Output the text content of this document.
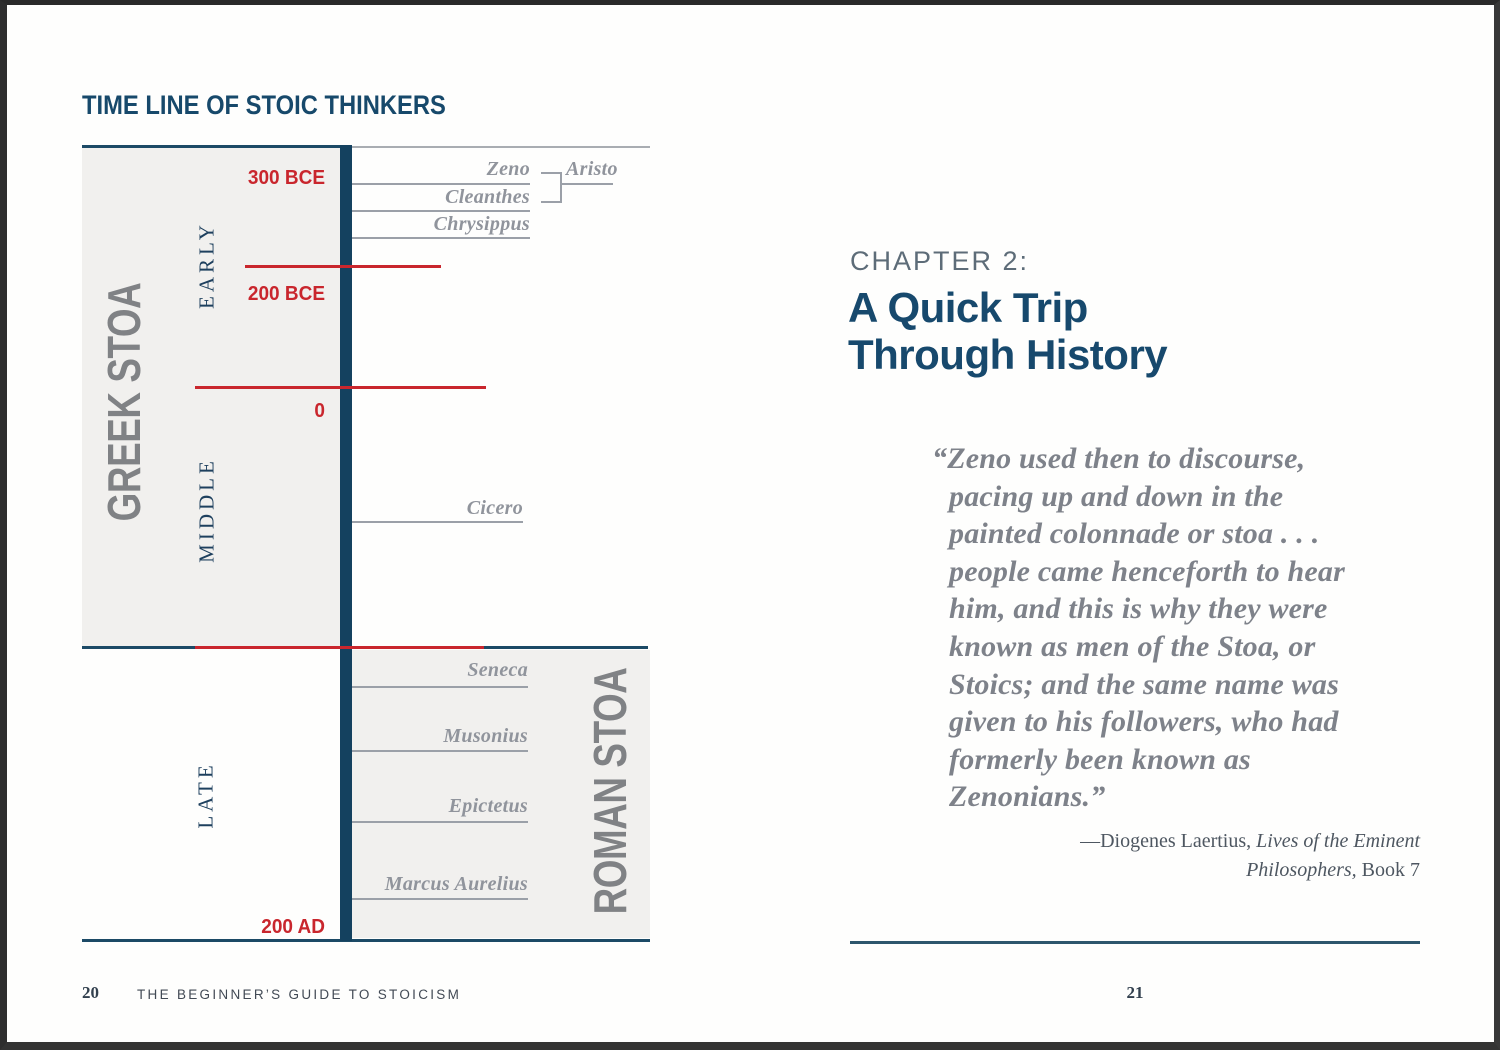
TIME LINE OF STOIC THINKERS
300 BCE
200 BCE
0
200 AD
EARLY
MIDDLE
LATE
GREEK STOA
ROMAN STOA
Zeno Aristo
Cleanthes
Chrysippus
Cicero
Seneca
Musonius
Epictetus
Marcus Aurelius
20	THE BEGINNER’S GUIDE TO STOICISM
CHAPTER 2:
A Quick Trip
Through History
“Zeno used then to discourse,
pacing up and down in the
painted colonnade or stoa . . .
people came henceforth to hear
him, and this is why they were
known as men of the Stoa, or
Stoics; and the same name was
given to his followers, who had
formerly been known as
Zenonians.”
—Diogenes Laertius, Lives of the Eminent
Philosophers, Book 7
21
